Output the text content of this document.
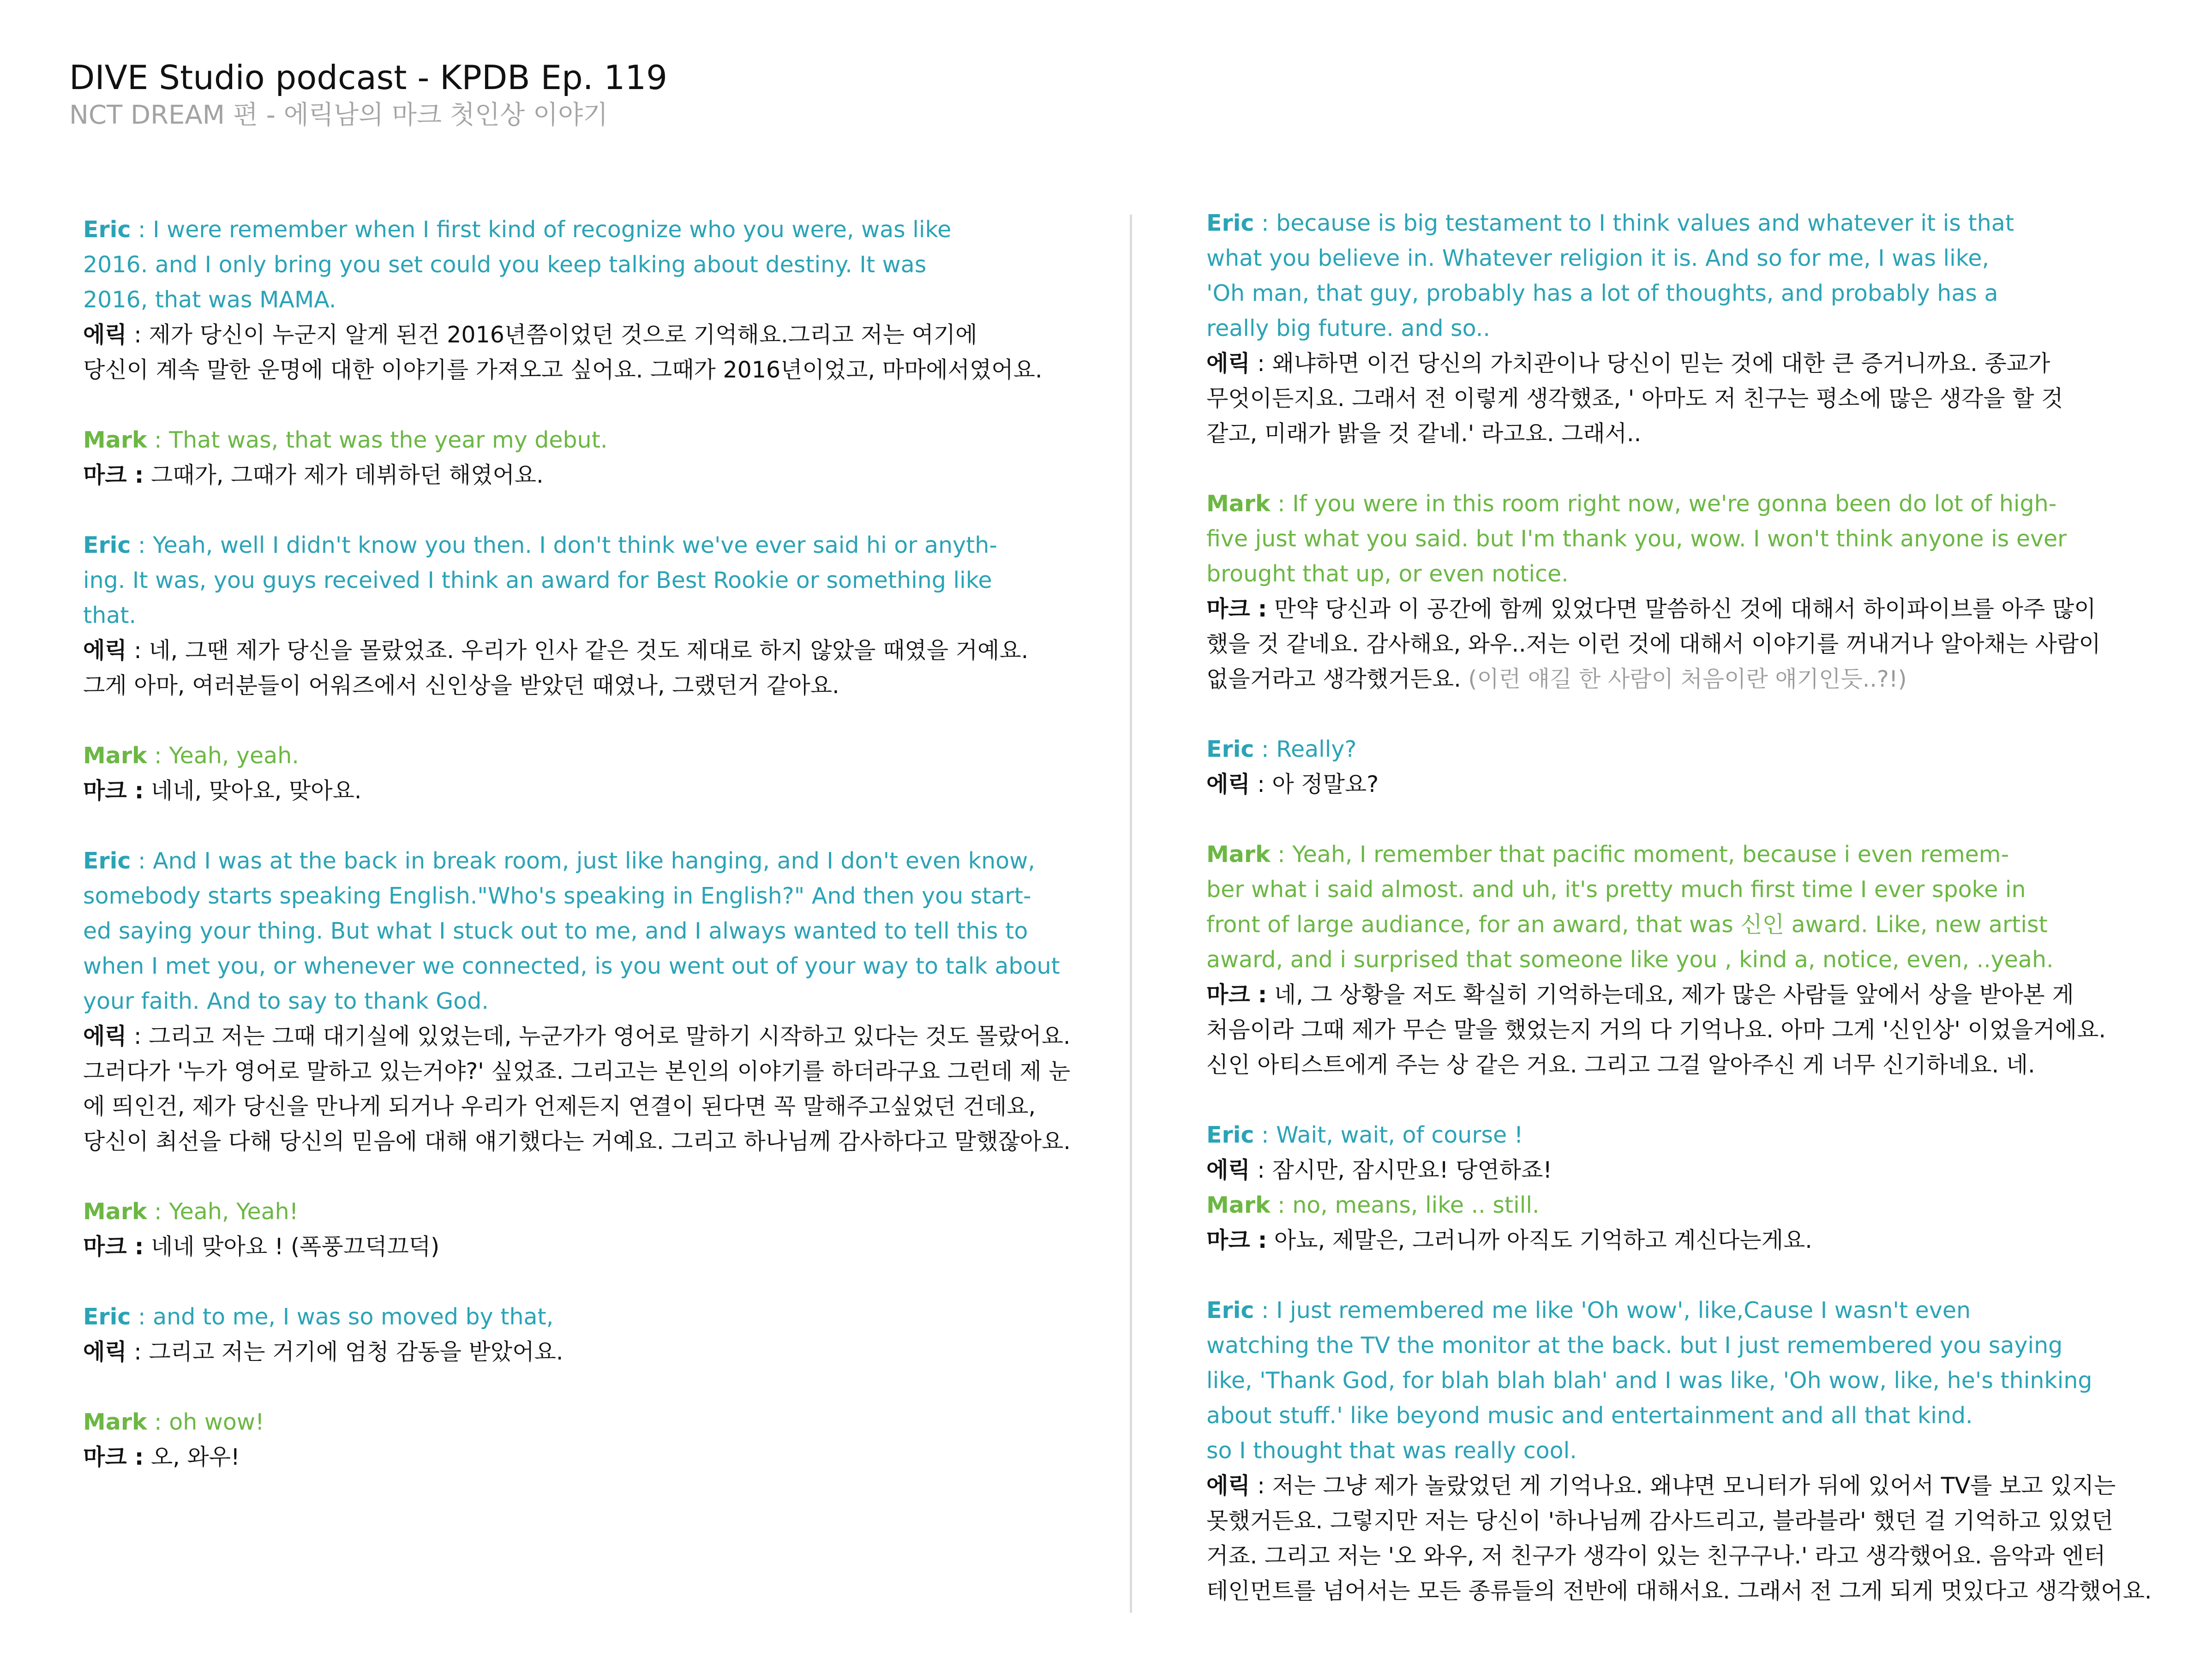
DIVE Studio podcast - KPDB Ep. 119
NCT DREAM 편 - 에릭남의 마크 첫인상 이야기
Eric : I were remember when I first kind of recognize who you were, was like
2016. and I only bring you set could you keep talking about destiny. It was
2016, that was MAMA.
에릭 : 제가 당신이 누군지 알게 된건 2016년쯤이었던 것으로 기억해요.그리고 저는 여기에
당신이 계속 말한 운명에 대한 이야기를 가져오고 싶어요. 그때가 2016년이었고, 마마에서였어요.
Mark : That was, that was the year my debut.
마크 : 그때가, 그때가 제가 데뷔하던 해였어요.
Eric : Yeah, well I didn't know you then. I don't think we've ever said hi or anyth-
ing. It was, you guys received I think an award for Best Rookie or something like
that.
에릭 : 네, 그땐 제가 당신을 몰랐었죠. 우리가 인사 같은 것도 제대로 하지 않았을 때였을 거예요.
그게 아마, 여러분들이 어워즈에서 신인상을 받았던 때였나, 그랬던거 같아요.
Mark : Yeah, yeah.
마크 : 네네, 맞아요, 맞아요.
Eric : And I was at the back in break room, just like hanging, and I don't even know,
somebody starts speaking English."Who's speaking in English?" And then you start-
ed saying your thing. But what I stuck out to me, and I always wanted to tell this to
when I met you, or whenever we connected, is you went out of your way to talk about
your faith. And to say to thank God.
에릭 : 그리고 저는 그때 대기실에 있었는데, 누군가가 영어로 말하기 시작하고 있다는 것도 몰랐어요.
그러다가 '누가 영어로 말하고 있는거야?' 싶었죠. 그리고는 본인의 이야기를 하더라구요 그런데 제 눈
에 띄인건, 제가 당신을 만나게 되거나 우리가 언제든지 연결이 된다면 꼭 말해주고싶었던 건데요,
당신이 최선을 다해 당신의 믿음에 대해 얘기했다는 거예요. 그리고 하나님께 감사하다고 말했잖아요.
Mark : Yeah, Yeah!
마크 : 네네 맞아요 ! (폭풍끄덕끄덕)
Eric : and to me, I was so moved by that,
에릭 : 그리고 저는 거기에 엄청 감동을 받았어요.
Mark : oh wow!
마크 : 오, 와우!
Eric : because is big testament to I think values and whatever it is that
what you believe in. Whatever religion it is. And so for me, I was like,
'Oh man, that guy, probably has a lot of thoughts, and probably has a
really big future. and so..
에릭 : 왜냐하면 이건 당신의 가치관이나 당신이 믿는 것에 대한 큰 증거니까요. 종교가
무엇이든지요. 그래서 전 이렇게 생각했죠, ' 아마도 저 친구는 평소에 많은 생각을 할 것
같고, 미래가 밝을 것 같네.' 라고요. 그래서..
Mark : If you were in this room right now, we're gonna been do lot of high-
five just what you said. but I'm thank you, wow. I won't think anyone is ever
brought that up, or even notice.
마크 : 만약 당신과 이 공간에 함께 있었다면 말씀하신 것에 대해서 하이파이브를 아주 많이
했을 것 같네요. 감사해요, 와우..저는 이런 것에 대해서 이야기를 꺼내거나 알아채는 사람이
없을거라고 생각했거든요. (이런 얘길 한 사람이 처음이란 얘기인듯..?!)
Eric : Really?
에릭 : 아 정말요?
Mark : Yeah, I remember that pacific moment, because i even remem-
ber what i said almost. and uh, it's pretty much first time I ever spoke in
front of large audiance, for an award, that was 신인 award. Like, new artist
award, and i surprised that someone like you , kind a, notice, even, ..yeah.
마크 : 네, 그 상황을 저도 확실히 기억하는데요, 제가 많은 사람들 앞에서 상을 받아본 게
처음이라 그때 제가 무슨 말을 했었는지 거의 다 기억나요. 아마 그게 '신인상' 이었을거에요.
신인 아티스트에게 주는 상 같은 거요. 그리고 그걸 알아주신 게 너무 신기하네요. 네.
Eric : Wait, wait, of course !
에릭 : 잠시만, 잠시만요! 당연하죠!
Mark : no, means, like .. still.
마크 : 아뇨, 제말은, 그러니까 아직도 기억하고 계신다는게요.
Eric : I just remembered me like 'Oh wow', like,Cause I wasn't even
watching the TV the monitor at the back. but I just remembered you saying
like, 'Thank God, for blah blah blah' and I was like, 'Oh wow, like, he's thinking
about stuff.' like beyond music and entertainment and all that kind.
so I thought that was really cool.
에릭 : 저는 그냥 제가 놀랐었던 게 기억나요. 왜냐면 모니터가 뒤에 있어서 TV를 보고 있지는
못했거든요. 그렇지만 저는 당신이 '하나님께 감사드리고, 블라블라' 했던 걸 기억하고 있었던
거죠. 그리고 저는 '오 와우, 저 친구가 생각이 있는 친구구나.' 라고 생각했어요. 음악과 엔터
테인먼트를 넘어서는 모든 종류들의 전반에 대해서요. 그래서 전 그게 되게 멋있다고 생각했어요.
